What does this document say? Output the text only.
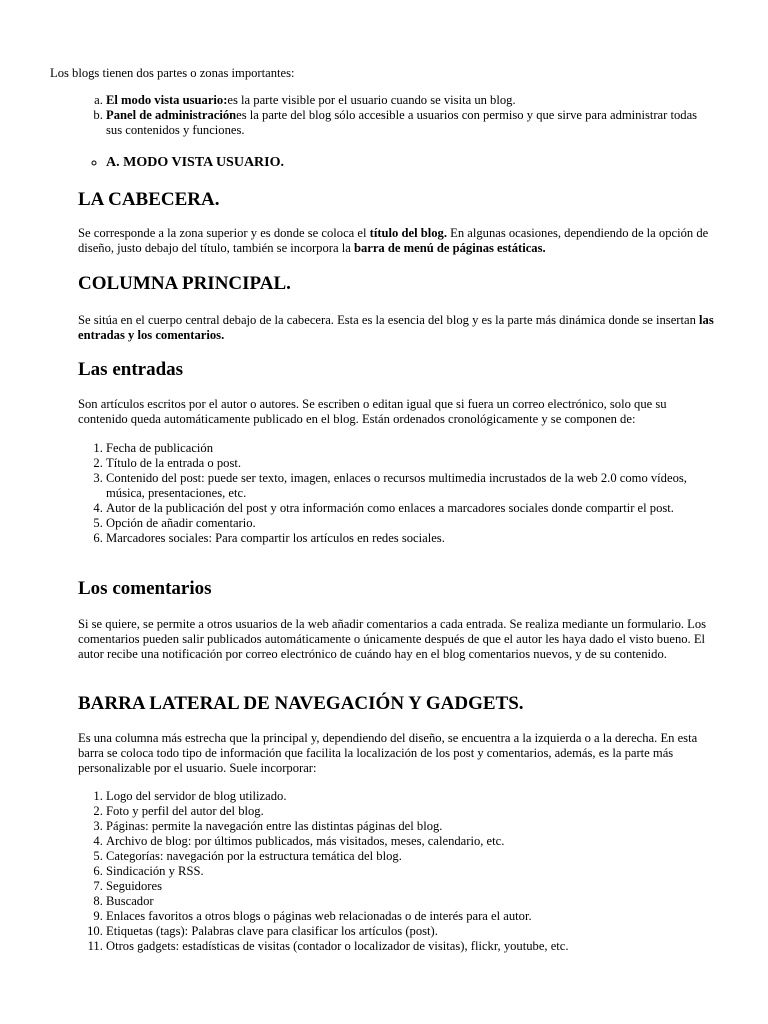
Los blogs tienen dos partes o zonas importantes:

a. El modo vista usuario:es la parte visible por el usuario cuando se visita un blog.
b. Panel de administraciónes la parte del blog sólo accesible a usuarios con permiso y que sirve para administrar todas sus contenidos y funciones.
◦ A. MODO VISTA USUARIO.
LA CABECERA.

Se corresponde a la zona superior y es donde se coloca el título del blog. En algunas ocasiones, dependiendo de la opción de diseño, justo debajo del título, también se incorpora la barra de menú de páginas estáticas.

COLUMNA PRINCIPAL.

Se sitúa en el cuerpo central debajo de la cabecera. Esta es la esencia del blog y es la parte más dinámica donde se insertan las entradas y los comentarios.

Las entradas

Son artículos escritos por el autor o autores. Se escriben o editan igual que si fuera un correo electrónico, solo que su contenido queda automáticamente publicado en el blog. Están ordenados cronológicamente y se componen de:

1. Fecha de publicación
2. Título de la entrada o post.
3. Contenido del post: puede ser texto, imagen, enlaces o recursos multimedia incrustados de la web 2.0 como vídeos, música, presentaciones, etc.
4. Autor de la publicación del post y otra información como enlaces a marcadores sociales donde compartir el post.
5. Opción de añadir comentario.
6. Marcadores sociales: Para compartir los artículos en redes sociales.
Los comentarios

Si se quiere, se permite a otros usuarios de la web añadir comentarios a cada entrada. Se realiza mediante un formulario. Los comentarios pueden salir publicados automáticamente o únicamente después de que el autor les haya dado el visto bueno. El autor recibe una notificación por correo electrónico de cuándo hay en el blog comentarios nuevos, y de su contenido.

BARRA LATERAL DE NAVEGACIÓN Y GADGETS.

Es una columna más estrecha que la principal y, dependiendo del diseño, se encuentra a la izquierda o a la derecha. En esta barra se coloca todo tipo de información que facilita la localización de los post y comentarios, además, es la parte más personalizable por el usuario. Suele incorporar:

1. Logo del servidor de blog utilizado.
2. Foto y perfil del autor del blog.
3. Páginas: permite la navegación entre las distintas páginas del blog.
4. Archivo de blog: por últimos publicados, más visitados, meses, calendario, etc.
5. Categorías: navegación por la estructura temática del blog.
6. Sindicación y RSS.
7. Seguidores
8. Buscador
9. Enlaces favoritos a otros blogs o páginas web relacionadas o de interés para el autor.
10. Etiquetas (tags): Palabras clave para clasificar los artículos (post).
11. Otros gadgets: estadísticas de visitas (contador o localizador de visitas), flickr, youtube, etc.
